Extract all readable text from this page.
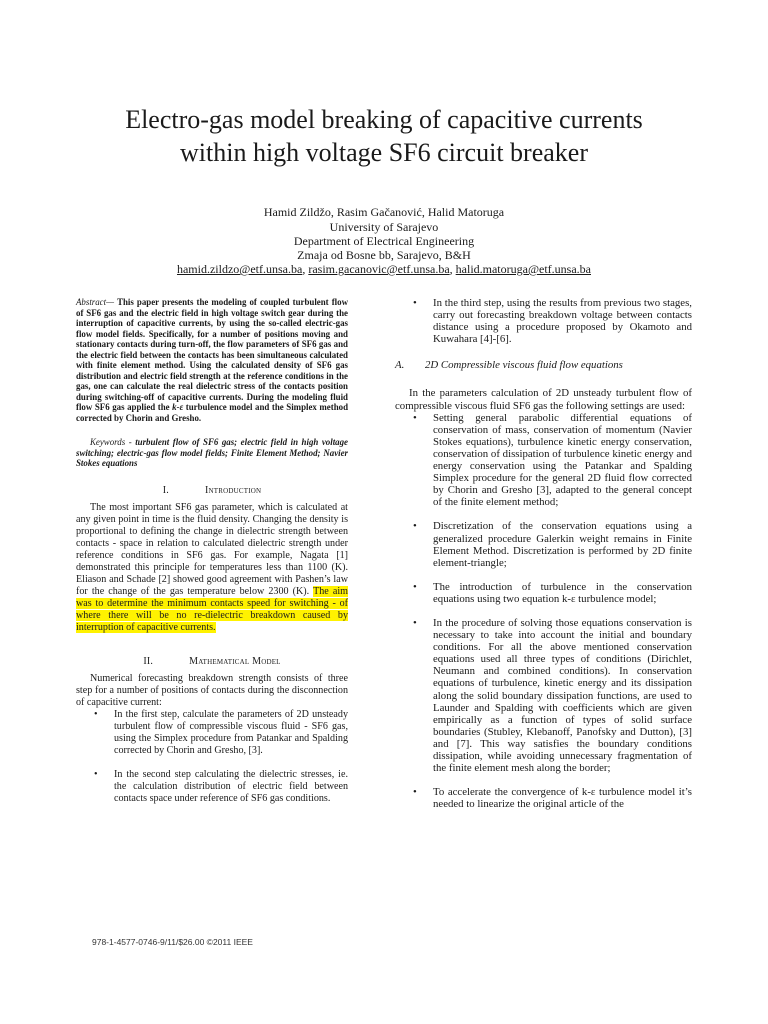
Electro-gas model breaking of capacitive currents
within high voltage SF6 circuit breaker
Hamid Zildžo, Rasim Gačanović, Halid Matoruga
University of Sarajevo
Department of Electrical Engineering
Zmaja od Bosne bb, Sarajevo, B&H
hamid.zildzo@etf.unsa.ba, rasim.gacanovic@etf.unsa.ba, halid.matoruga@etf.unsa.ba

Abstract— This paper presents the modeling of coupled turbulent flow of SF6 gas and the electric field in high voltage switch gear during the interruption of capacitive currents, by using the so-called electric-gas flow model fields. Specifically, for a number of positions moving and stationary contacts during turn-off, the flow parameters of SF6 gas and the electric field between the contacts has been simultaneous calculated with finite element method. Using the calculated density of SF6 gas distribution and electric field strength at the reference conditions in the gas, one can calculate the real dielectric stress of the contacts position during switching-off of capacitive currents. During the modeling fluid flow SF6 gas applied the k-ε turbulence model and the Simplex method corrected by Chorin and Gresho.

Keywords - turbulent flow of SF6 gas; electric field in high voltage switching; electric-gas flow model fields; Finite Element Method; Navier Stokes equations

I.	Introduction

The most important SF6 gas parameter, which is calculated at any given point in time is the fluid density. Changing the density is proportional to defining the change in dielectric strength between contacts - space in relation to calculated dielectric strength under reference conditions in SF6 gas. For example, Nagata [1] demonstrated this principle for temperatures less than 1100 (K). Eliason and Schade [2] showed good agreement with Pashen’s law for the change of the gas temperature below 2300 (K). The aim was to determine the minimum contacts speed for switching - of where there will be no re-dielectric breakdown caused by interruption of capacitive currents.

II.	Mathematical Model

Numerical forecasting breakdown strength consists of three step for a number of positions of contacts during the disconnection of capacitive current:

• In the first step, calculate the parameters of 2D unsteady turbulent flow of compressible viscous fluid - SF6 gas, using the Simplex procedure from Patankar and Spalding corrected by Chorin and Gresho, [3].
• In the second step calculating the dielectric stresses, ie. the calculation distribution of electric field between contacts space under reference of SF6 gas conditions.
• In the third step, using the results from previous two stages, carry out forecasting breakdown voltage between contacts distance using a procedure proposed by Okamoto and Kuwahara [4]-[6].
A. 2D Compressible viscous fluid flow equations

In the parameters calculation of 2D unsteady turbulent flow of compressible viscous fluid SF6 gas the following settings are used:

• Setting general parabolic differential equations of conservation of mass, conservation of momentum (Navier Stokes equations), turbulence kinetic energy conservation, conservation of dissipation of turbulence kinetic energy and energy conservation using the Patankar and Spalding Simplex procedure for the general 2D fluid flow corrected by Chorin and Gresho [3], adapted to the general concept of the finite element method;
• Discretization of the conservation equations using a generalized procedure Galerkin weight remains in Finite Element Method. Discretization is performed by 2D finite element-triangle;
• The introduction of turbulence in the conservation equations using two equation k-ε turbulence model;
• In the procedure of solving those equations conservation is necessary to take into account the initial and boundary conditions. For all the above mentioned conservation equations used all three types of conditions (Dirichlet, Neumann and combined conditions). In conservation equations of turbulence, kinetic energy and its dissipation along the solid boundary dissipation functions, are used to Launder and Spalding with coefficients which are given empirically as a function of types of solid surface boundaries (Stubley, Klebanoff, Panofsky and Dutton), [3] and [7]. This way satisfies the boundary conditions dissipation, while avoiding unnecessary fragmentation of the finite element mesh along the border;
• To accelerate the convergence of k-ε turbulence model it’s needed to linearize the original article of the
978-1-4577-0746-9/11/$26.00 ©2011 IEEE
